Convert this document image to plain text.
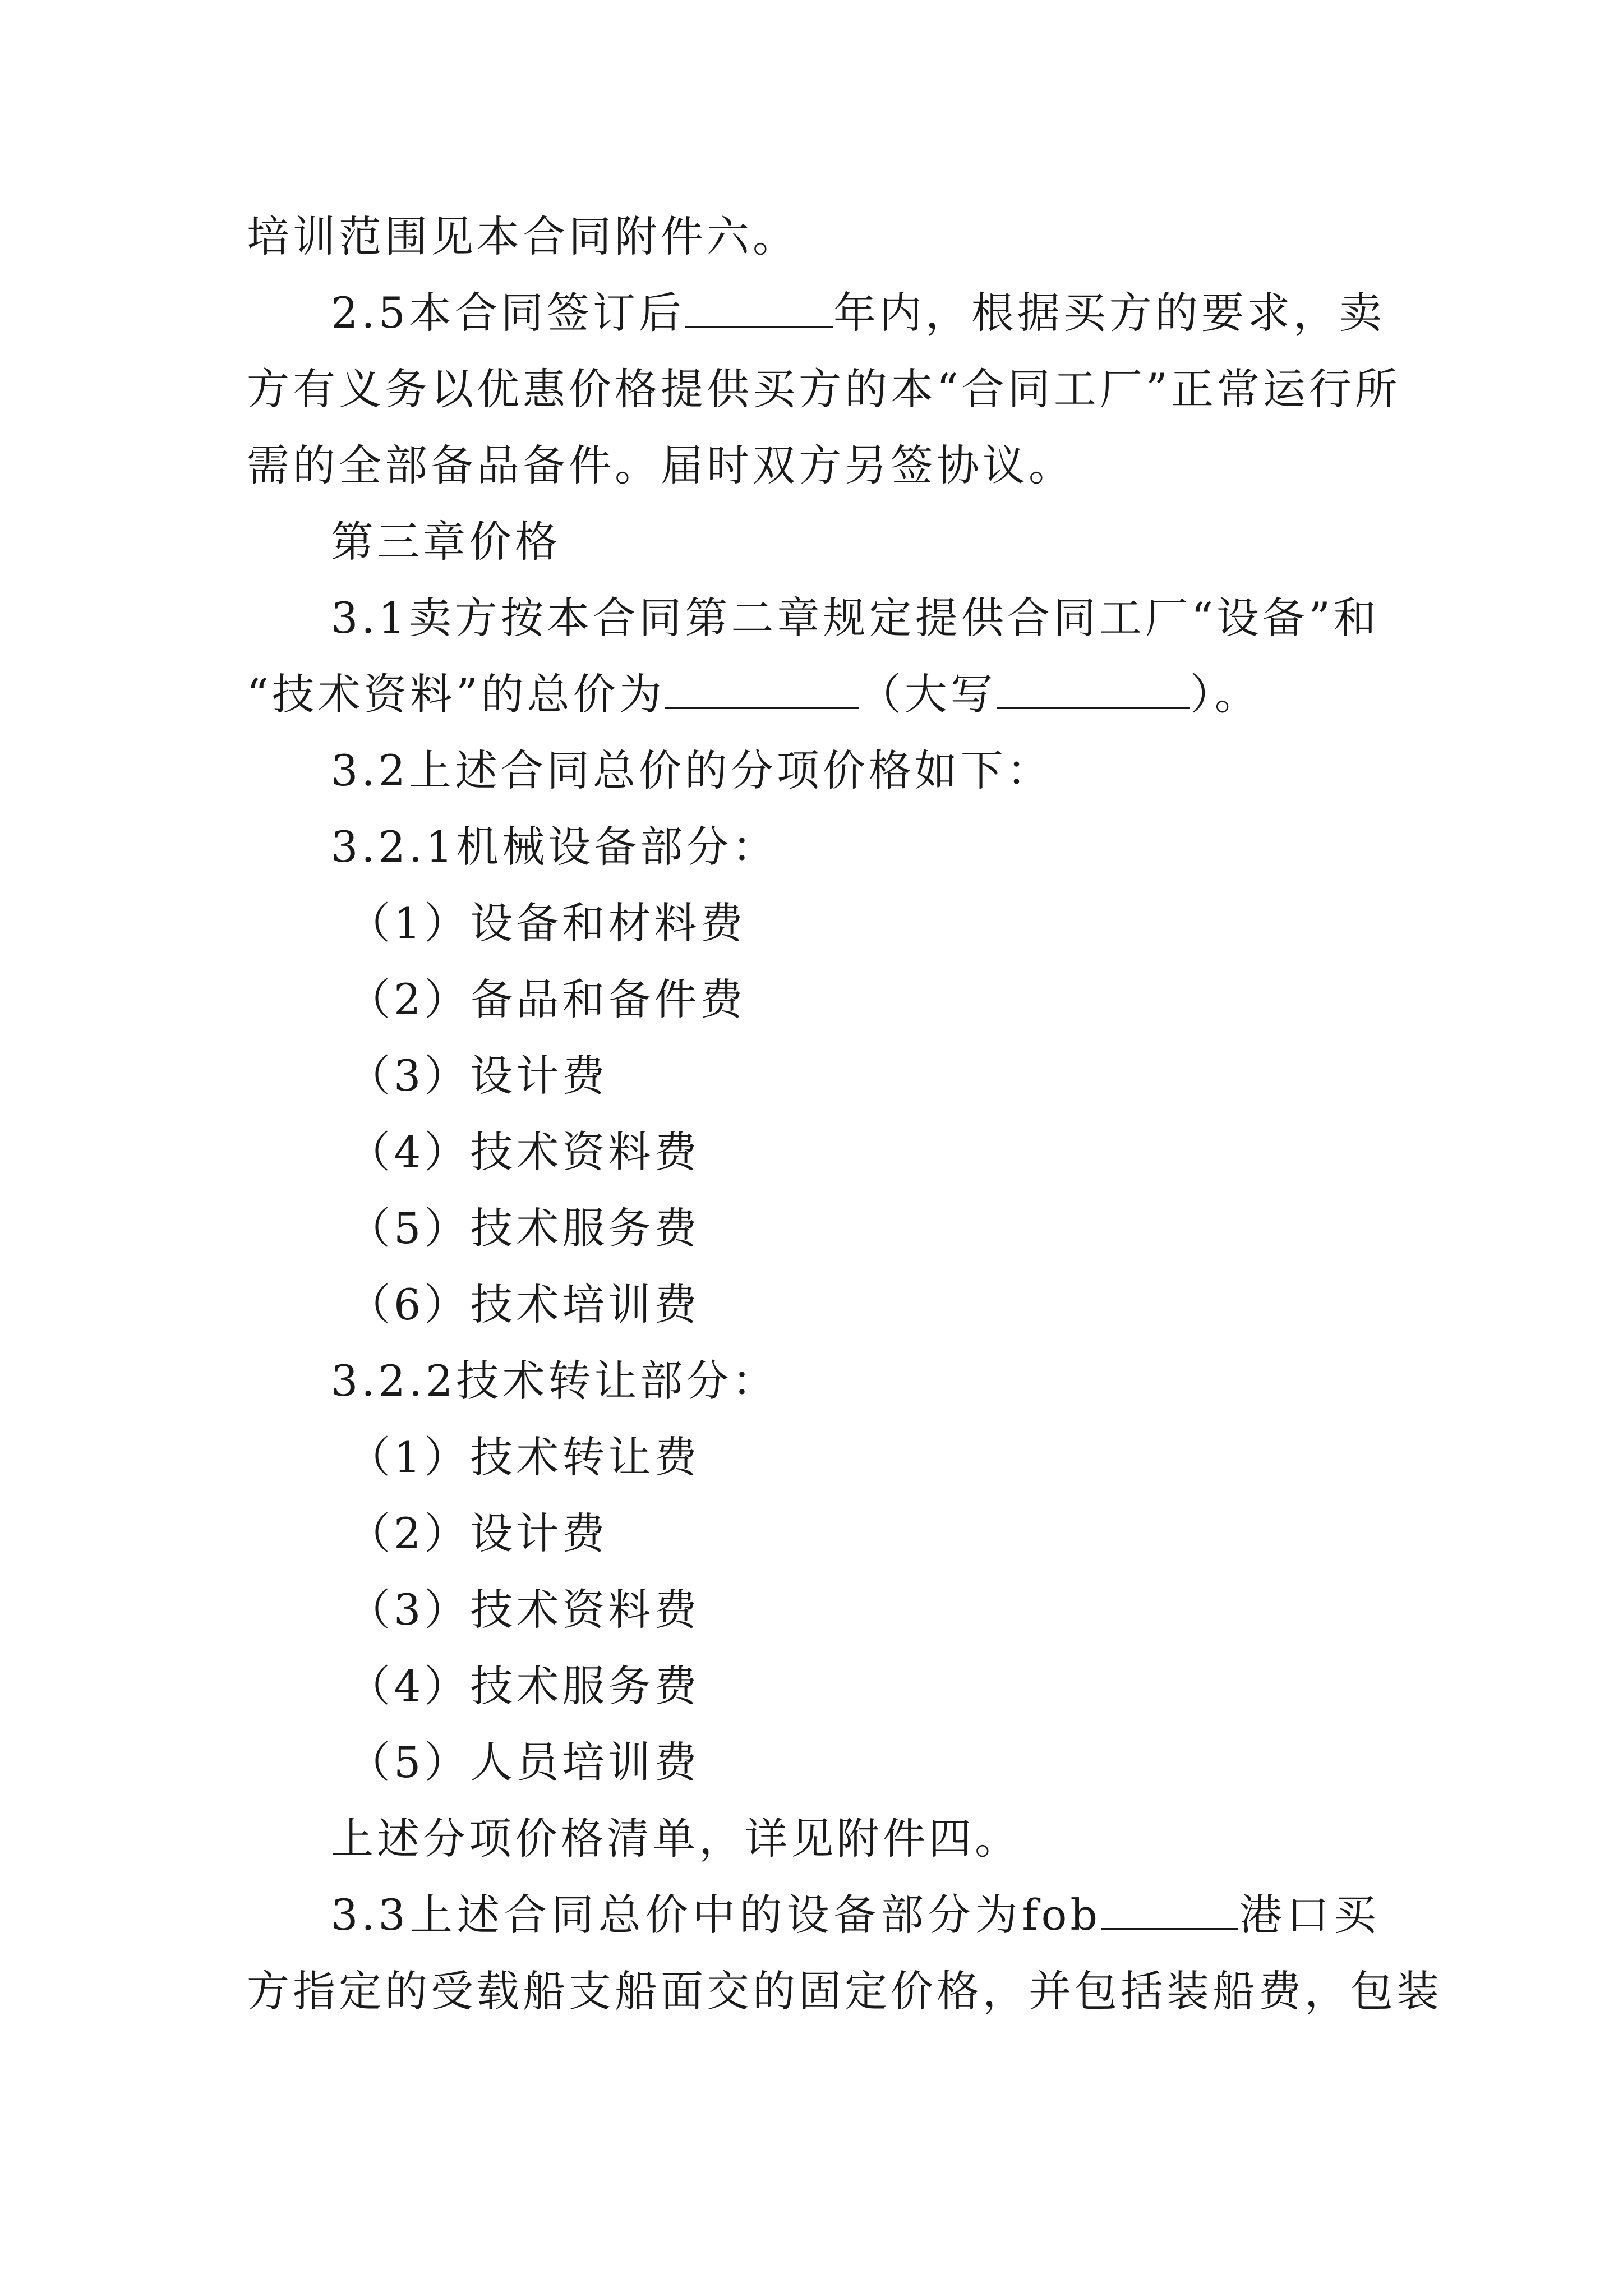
培训范围见本合同附件六。
2.5本合同签订后	年内，根据买方的要求，卖
方有义务以优惠价格提供买方的本“合同工厂”正常运行所
需的全部备品备件。届时双方另签协议。
第三章价格
3.1卖方按本合同第二章规定提供合同工厂“设备”和
“技术资料”的总价为	（大写	）。
3.2上述合同总价的分项价格如下：
3.2.1机械设备部分：
（1）设备和材料费
（2）备品和备件费
（3）设计费
（4）技术资料费
（5）技术服务费
（6）技术培训费
3.2.2技术转让部分：
（1）技术转让费
（2）设计费
（3）技术资料费
（4）技术服务费
（5）人员培训费
上述分项价格清单，详见附件四。
3.3上述合同总价中的设备部分为fob	港口买
方指定的受载船支船面交的固定价格，并包括装船费，包装
